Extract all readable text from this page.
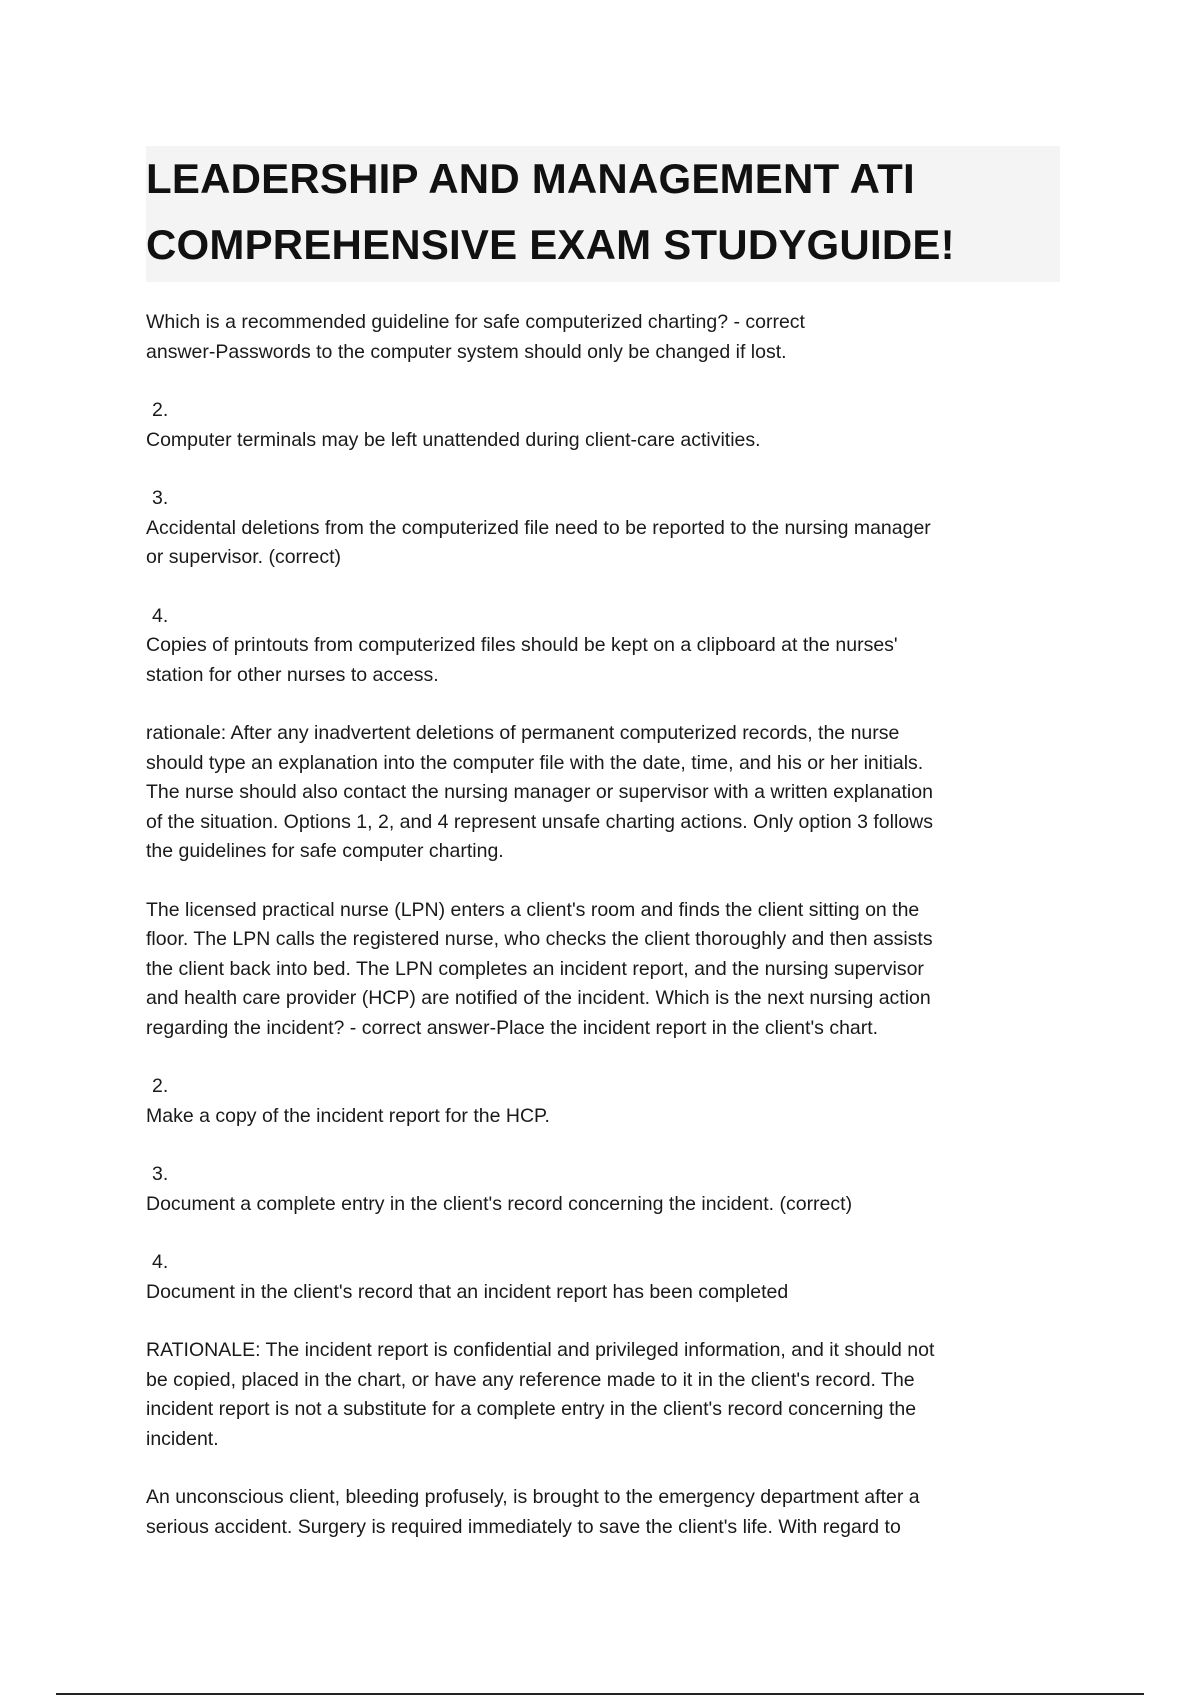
LEADERSHIP AND MANAGEMENT ATI
COMPREHENSIVE EXAM STUDYGUIDE!

Which is a recommended guideline for safe computerized charting? - correct
answer-Passwords to the computer system should only be changed if lost.

2.
Computer terminals may be left unattended during client-care activities.
3.
Accidental deletions from the computerized file need to be reported to the nursing manager
or supervisor. (correct)
4.
Copies of printouts from computerized files should be kept on a clipboard at the nurses'
station for other nurses to access.

rationale: After any inadvertent deletions of permanent computerized records, the nurse
should type an explanation into the computer file with the date, time, and his or her initials.
The nurse should also contact the nursing manager or supervisor with a written explanation
of the situation. Options 1, 2, and 4 represent unsafe charting actions. Only option 3 follows
the guidelines for safe computer charting.

The licensed practical nurse (LPN) enters a client's room and finds the client sitting on the
floor. The LPN calls the registered nurse, who checks the client thoroughly and then assists
the client back into bed. The LPN completes an incident report, and the nursing supervisor
and health care provider (HCP) are notified of the incident. Which is the next nursing action
regarding the incident? - correct answer-Place the incident report in the client's chart.

2.
Make a copy of the incident report for the HCP.
3.
Document a complete entry in the client's record concerning the incident. (correct)
4.
Document in the client's record that an incident report has been completed

RATIONALE: The incident report is confidential and privileged information, and it should not
be copied, placed in the chart, or have any reference made to it in the client's record. The
incident report is not a substitute for a complete entry in the client's record concerning the
incident.

An unconscious client, bleeding profusely, is brought to the emergency department after a
serious accident. Surgery is required immediately to save the client's life. With regard to
